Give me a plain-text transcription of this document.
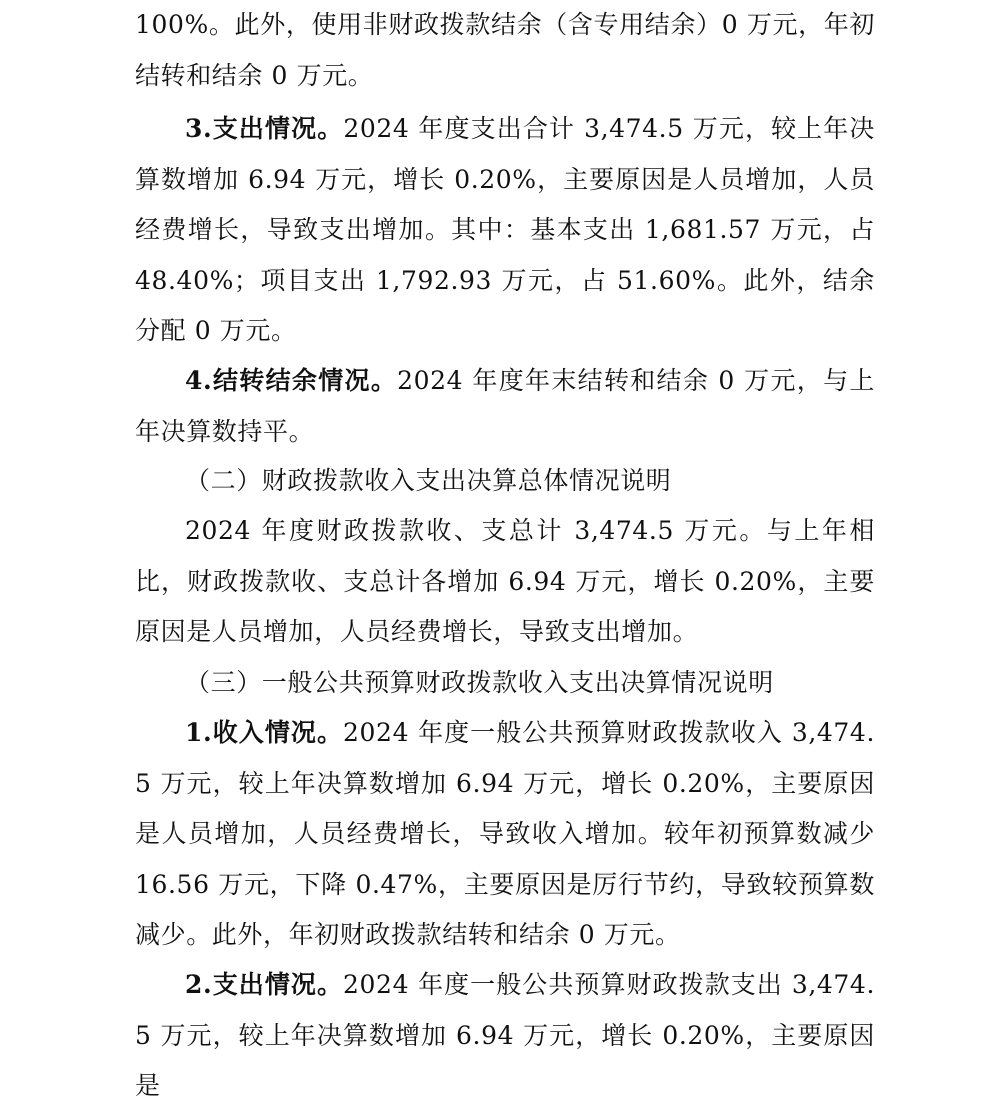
100%。此外，使用非财政拨款结余（含专用结余）0 万元，年初结转和结余 0 万元。

3.支出情况。2024 年度支出合计 3,474.5 万元，较上年决算数增加 6.94 万元，增长 0.20%，主要原因是人员增加，人员经费增长，导致支出增加。其中：基本支出 1,681.57 万元，占 48.40%；项目支出 1,792.93 万元，占 51.60%。此外，结余分配 0 万元。

4.结转结余情况。2024 年度年末结转和结余 0 万元，与上年决算数持平。

（二）财政拨款收入支出决算总体情况说明

2024 年度财政拨款收、支总计 3,474.5 万元。与上年相比，财政拨款收、支总计各增加 6.94 万元，增长 0.20%，主要原因是人员增加，人员经费增长，导致支出增加。

（三）一般公共预算财政拨款收入支出决算情况说明

1.收入情况。2024 年度一般公共预算财政拨款收入 3,474.5 万元，较上年决算数增加 6.94 万元，增长 0.20%，主要原因是人员增加，人员经费增长，导致收入增加。较年初预算数减少 16.56 万元，下降 0.47%，主要原因是厉行节约，导致较预算数减少。此外，年初财政拨款结转和结余 0 万元。

2.支出情况。2024 年度一般公共预算财政拨款支出 3,474.5 万元，较上年决算数增加 6.94 万元，增长 0.20%，主要原因是
